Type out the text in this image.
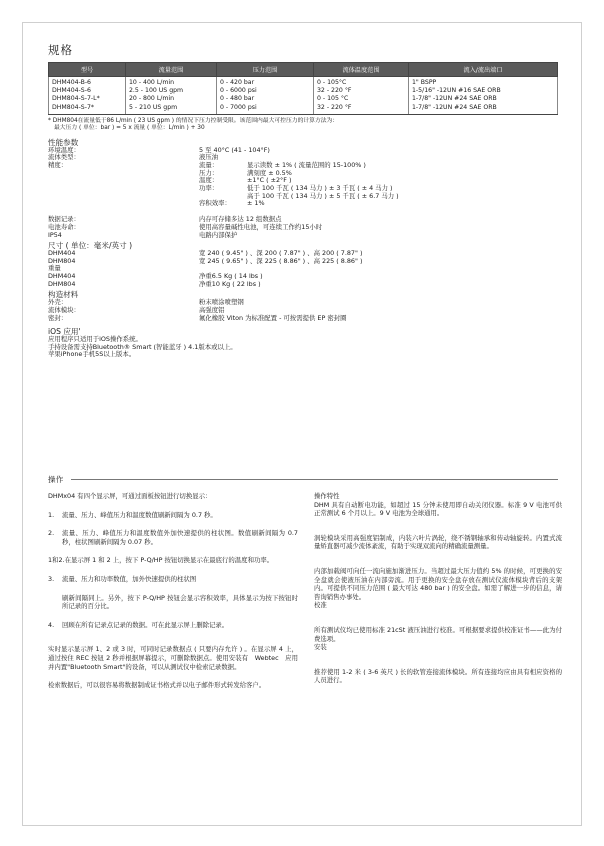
规格
型号	流量范围	压力范围	流体温度范围	流入/流出端口
DHM404-B-6	10 - 400 L/min	0 - 420 bar	0 - 105°C	1" BSPP
DHM404-S-6	2.5 - 100 US gpm	0 - 6000 psi	32 - 220 °F	1-5/16" -12UN #16 SAE ORB
DHM804-S-7-L*	20 - 800 L/min	0 - 480 bar	0 - 105 °C	1-7/8" -12UN #24 SAE ORB
DHM804-S-7*	5 - 210 US gpm	0 - 7000 psi	32 - 220 °F	1-7/8" -12UN #24 SAE ORB
* DHM804在流量低于86 L/min ( 23 US gpm ) 的情况下压力控制受限。该范围内最大可控压力的计算方法为：
最大压力 ( 单位：bar ) = 5 x 流量 ( 单位：L/min ) + 30
性能参数
环境温度：	5 至 40°C (41 - 104°F)
流体类型：	液压油
精度：	流量：	显示读数 ± 1% ( 流量范围的 15-100% )
压力：	满刻度 ± 0.5%
温度：	±1°C ( ±2°F )
功率：	低于 100 千瓦 ( 134 马力 ) ± 3 千瓦 ( ± 4 马力 )
高于 100 千瓦 ( 134 马力 ) ± 5 千瓦 ( ± 6.7 马力 )
容积效率：	± 1%
数据记录：	内存可存储多达 12 组数据点
电池寿命：	使用高容量碱性电池，可连续工作约15小时
IP54	电路内部保护
尺寸 ( 单位：毫米/英寸 )
DHM404	宽 240 ( 9.45" ) 、深 200 ( 7.87" ) 、高 200 ( 7.87" )
DHM804	宽 245 ( 9.65" ) 、深 225 ( 8.86" ) 、高 225 ( 8.86" )
重量
DHM404	净重6.5 Kg ( 14 lbs )
DHM804	净重10 Kg ( 22 lbs )
构造材料
外壳：	粉末喷涂喷塑钢
流体模块：	高强度铝
密封：	氟化橡胶 Viton 为标准配置 - 可按需提供 EP 密封圈
iOS 应用'
应用程序只适用于iOS操作系统。
手持设备需支持Bluetooth® Smart (智能蓝牙 ) 4.1版本或以上。
苹果iPhone手机5S以上版本。
操作

DHMx04 有四个显示屏，可通过面板按钮进行切换显示：

1.	流量、压力、峰值压力和温度数值刷新间隔为 0.7 秒。
2.	流量、压力、峰值压力和温度数值外加快速提供的柱状图。数值刷新间隔为 0.7 秒，柱状图刷新间隔为 0.07 秒。
1和2. 在显示屏 1 和 2 上，按下 P-Q/HP 按钮切换显示在最底行的温度和功率。
3.	流量、压力和功率数值，加外快速提供的柱状图
刷新间隔同上。另外，按下 P-Q/HP 按钮会显示容积效率，具体显示为按下按钮时所记录的百分比。
4.	回顾在所有记录点记录的数据。可在此显示屏上删除记录。

实时显示显示屏 1、2 或 3 时，可同时记录数据点 ( 只要内存允许 ) 。在显示屏 4 上，通过按住 REC 按钮 2 秒并根据屏幕提示，可删除数据点。使用安装有　Webtec　应用并内置"Bluetooth Smart"的设备，可以从测试仪中检索记录数据。

检索数据后，可以很容易将数据制成证书格式并以电子邮件形式转发给客户。

操作特性

DHM 具有自动断电功能，如超过 15 分钟未使用即自动关闭仪器。标准 9 V 电池可供正常测试 6 个月以上。9 V 电池为全球通用。

涡轮模块采用高强度铝制成，内装六叶片涡轮，绕不锈钢轴承和传动轴旋转。内置式流量矫直器可减少流体紊流，有助于实现双流向的精确流量测量。

内部加载阀可向任一流向施加渐进压力。当超过最大压力值约 5% 的时候，可更换的安全盘就会使液压油在内部旁流。用于更换的安全盘存放在测试仪流体模块背后的支架内。可提供不同压力范围 ( 最大可达 480 bar ) 的安全盘。如需了解进一步的信息，请咨询销售办事处。

校准

所有测试仪均已使用标准 21cSt 液压油进行校准。可根据要求提供校准证书——此为付费选项。

安装

推荐使用 1-2 米 ( 3-6 英尺 ) 长的软管连接流体模块。所有连接均应由具有相应资格的人员进行。
